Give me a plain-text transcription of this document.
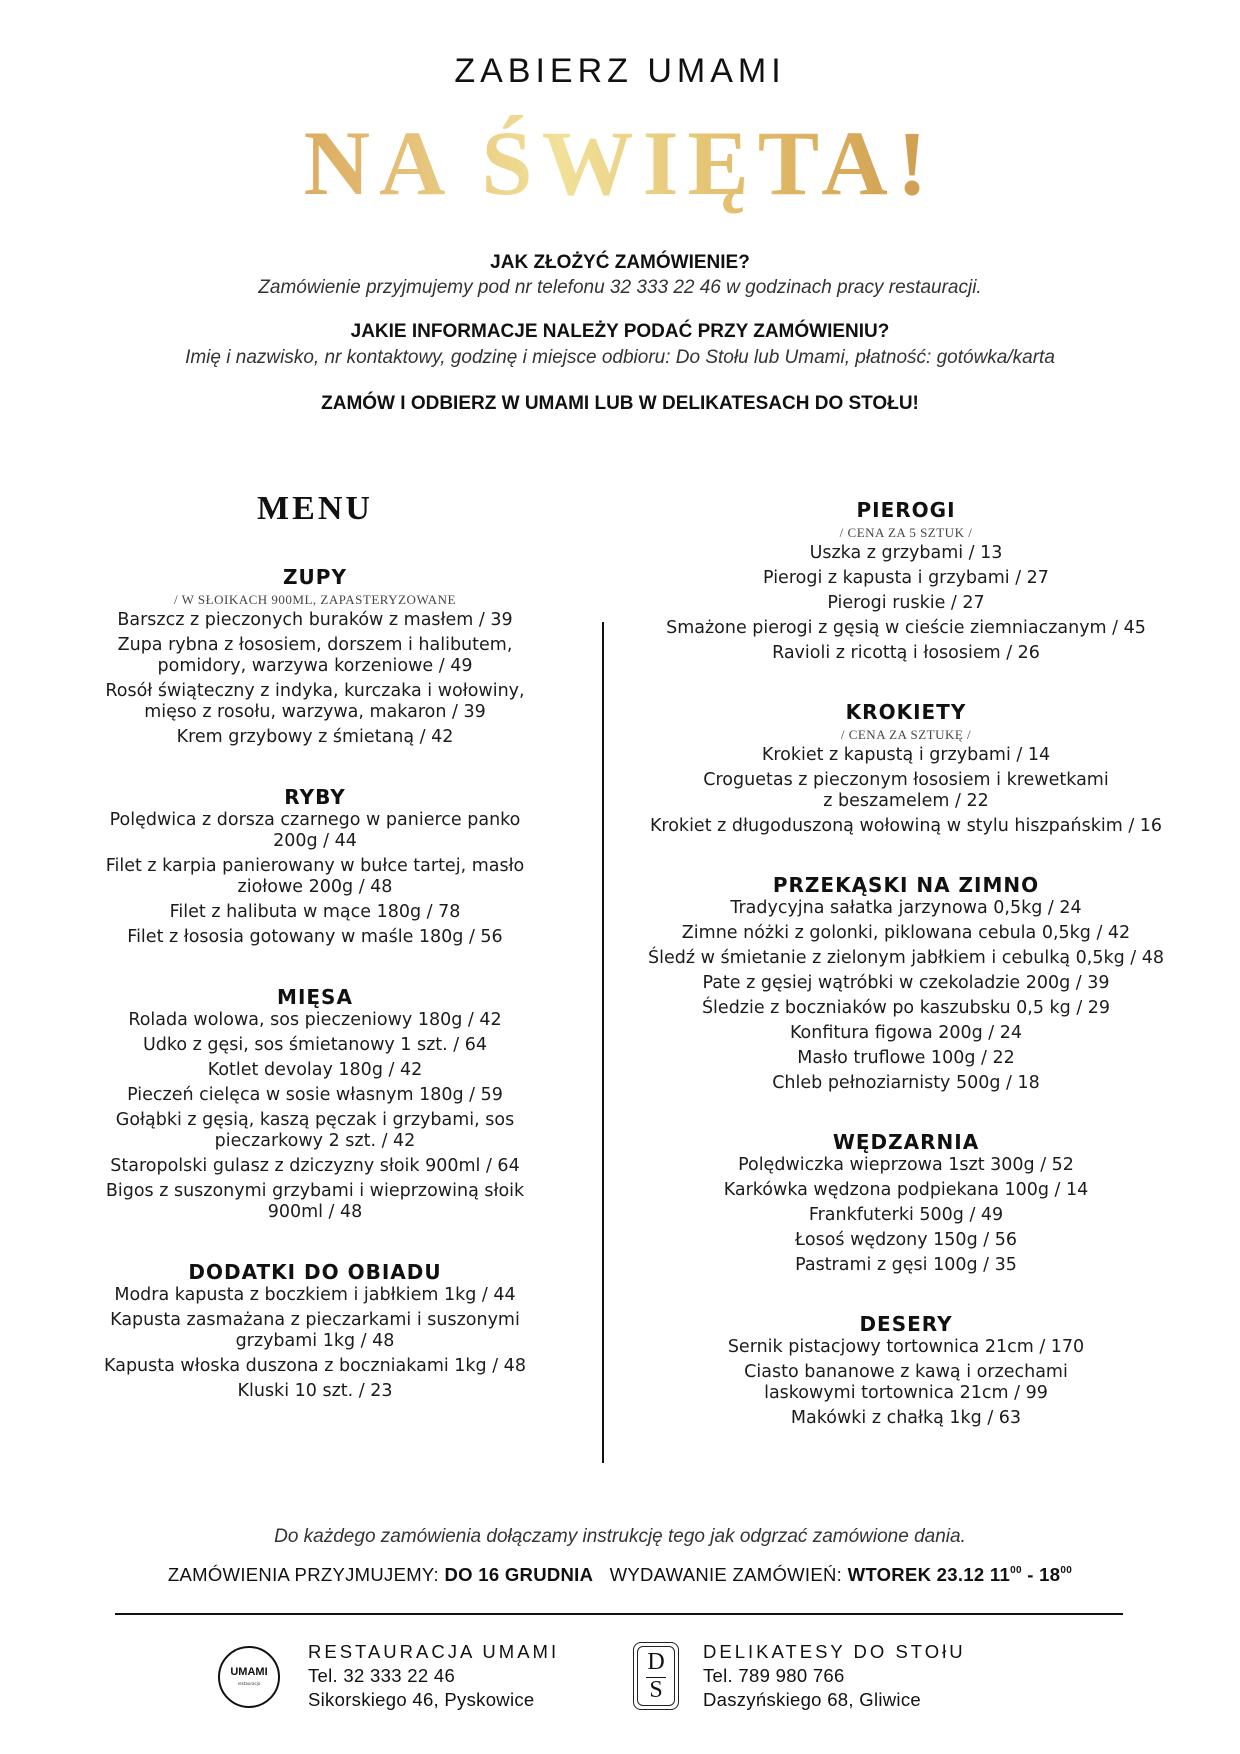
ZABIERZ UMAMI
NA ŚWIĘTA!
JAK ZŁOŻYĆ ZAMÓWIENIE?
Zamówienie przyjmujemy pod nr telefonu 32 333 22 46 w godzinach pracy restauracji.
JAKIE INFORMACJE NALEŻY PODAĆ PRZY ZAMÓWIENIU?
Imię i nazwisko, nr kontaktowy, godzinę i miejsce odbioru: Do Stołu lub Umami, płatność: gotówka/karta
ZAMÓW I ODBIERZ W UMAMI LUB W DELIKATESACH DO STOŁU!
MENU
ZUPY
/ W SŁOIKACH 900ML, ZAPASTERYZOWANE
Barszcz z pieczonych buraków z masłem / 39
Zupa rybna z łososiem, dorszem i halibutem,
pomidory, warzywa korzeniowe / 49
Rosół świąteczny z indyka, kurczaka i wołowiny,
mięso z rosołu, warzywa, makaron / 39
Krem grzybowy z śmietaną / 42
RYBY
Polędwica z dorsza czarnego w panierce panko
200g / 44
Filet z karpia panierowany w bułce tartej, masło
ziołowe 200g / 48
Filet z halibuta w mące 180g / 78
Filet z łososia gotowany w maśle 180g / 56
MIĘSA
Rolada wolowa, sos pieczeniowy 180g / 42
Udko z gęsi, sos śmietanowy 1 szt. / 64
Kotlet devolay 180g / 42
Pieczeń cielęca w sosie własnym 180g / 59
Gołąbki z gęsią, kaszą pęczak i grzybami, sos
pieczarkowy 2 szt. / 42
Staropolski gulasz z dziczyzny słoik 900ml / 64
Bigos z suszonymi grzybami i wieprzowiną słoik
900ml / 48
DODATKI DO OBIADU
Modra kapusta z boczkiem i jabłkiem 1kg / 44
Kapusta zasmażana z pieczarkami i suszonymi
grzybami 1kg / 48
Kapusta włoska duszona z boczniakami 1kg / 48
Kluski 10 szt. / 23
PIEROGI
/ CENA ZA 5 SZTUK /
Uszka z grzybami / 13
Pierogi z kapusta i grzybami / 27
Pierogi ruskie / 27
Smażone pierogi z gęsią w cieście ziemniaczanym / 45
Ravioli z ricottą i łososiem / 26
KROKIETY
/ CENA ZA SZTUKĘ /
Krokiet z kapustą i grzybami / 14
Croguetas z pieczonym łososiem i krewetkami
z beszamelem / 22
Krokiet z długoduszoną wołowiną w stylu hiszpańskim / 16
PRZEKĄSKI NA ZIMNO
Tradycyjna sałatka jarzynowa 0,5kg / 24
Zimne nóżki z golonki, piklowana cebula 0,5kg / 42
Śledź w śmietanie z zielonym jabłkiem i cebulką 0,5kg / 48
Pate z gęsiej wątróbki w czekoladzie 200g / 39
Śledzie z boczniaków po kaszubsku 0,5 kg / 29
Konfitura figowa 200g / 24
Masło truflowe 100g / 22
Chleb pełnoziarnisty 500g / 18
WĘDZARNIA
Polędwiczka wieprzowa 1szt 300g / 52
Karkówka wędzona podpiekana 100g / 14
Frankfuterki 500g / 49
Łosoś wędzony 150g / 56
Pastrami z gęsi 100g / 35
DESERY
Sernik pistacjowy tortownica 21cm / 170
Ciasto bananowe z kawą i orzechami
laskowymi tortownica 21cm / 99
Makówki z chałką 1kg / 63
Do każdego zamówienia dołączamy instrukcję tego jak odgrzać zamówione dania.
ZAMÓWIENIA PRZYJMUJEMY: DO 16 GRUDNIA WYDAWANIE ZAMÓWIEŃ: WTOREK 23.12 $11^{00} - 18^{00}$
UMAMI
restauracja
RESTAURACJA UMAMI
Tel. 32 333 22 46
Sikorskiego 46, Pyskowice
D
S
DELIKATESY DO STOłU
Tel. 789 980 766
Daszyńskiego 68, Gliwice
